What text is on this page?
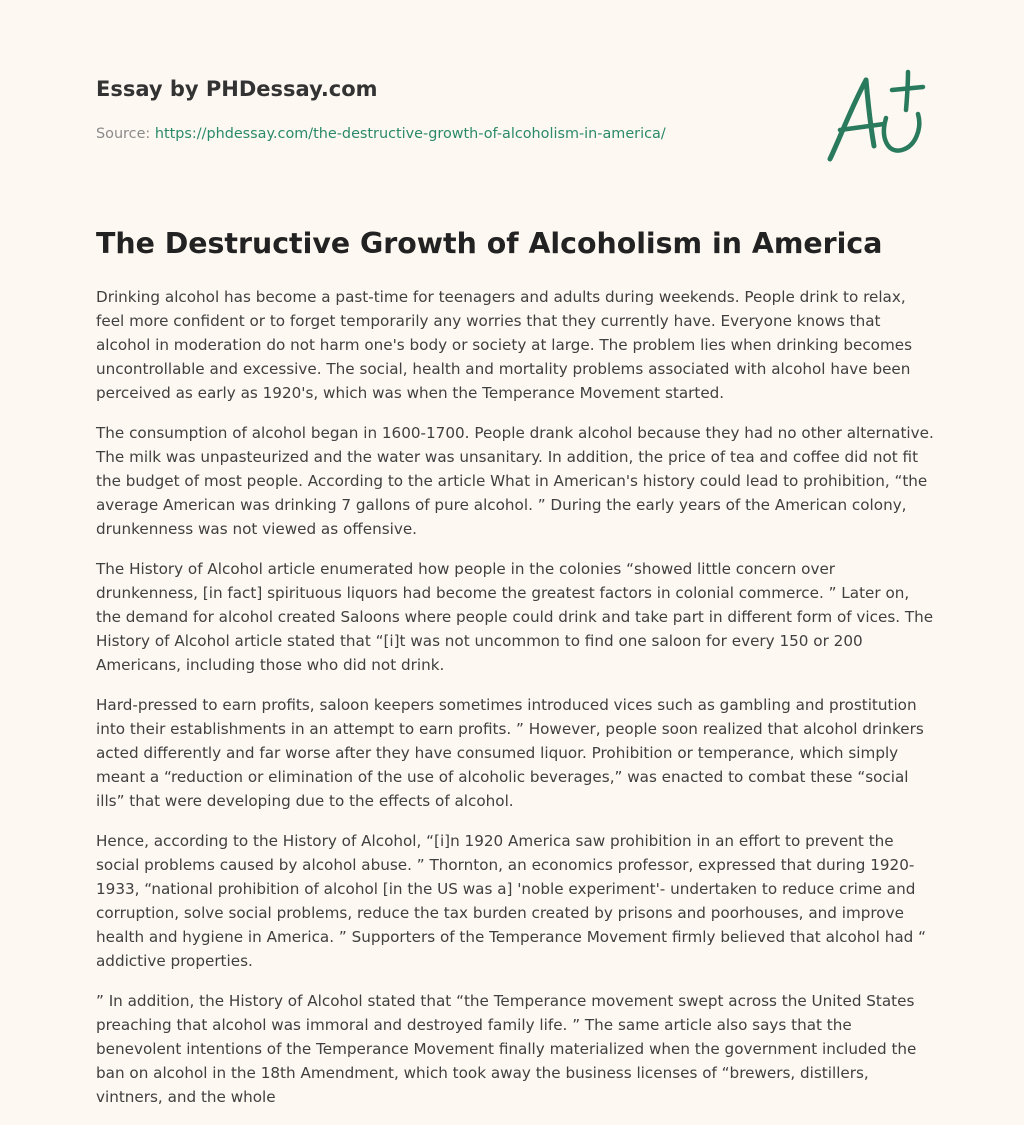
Essay by PHDessay.com
Source: https://phdessay.com/the-destructive-growth-of-alcoholism-in-america/
The Destructive Growth of Alcoholism in America

Drinking alcohol has become a past-time for teenagers and adults during weekends. People drink to relax, feel more confident or to forget temporarily any worries that they currently have. Everyone knows that alcohol in moderation do not harm one's body or society at large. The problem lies when drinking becomes uncontrollable and excessive. The social, health and mortality problems associated with alcohol have been perceived as early as 1920's, which was when the Temperance Movement started.

The consumption of alcohol began in 1600-1700. People drank alcohol because they had no other alternative. The milk was unpasteurized and the water was unsanitary. In addition, the price of tea and coffee did not fit the budget of most people. According to the article What in American's history could lead to prohibition, “the average American was drinking 7 gallons of pure alcohol. ” During the early years of the American colony, drunkenness was not viewed as offensive.

The History of Alcohol article enumerated how people in the colonies “showed little concern over drunkenness, [in fact] spirituous liquors had become the greatest factors in colonial commerce. ” Later on, the demand for alcohol created Saloons where people could drink and take part in different form of vices. The History of Alcohol article stated that “[i]t was not uncommon to find one saloon for every 150 or 200 Americans, including those who did not drink.

Hard-pressed to earn profits, saloon keepers sometimes introduced vices such as gambling and prostitution into their establishments in an attempt to earn profits. ” However, people soon realized that alcohol drinkers acted differently and far worse after they have consumed liquor. Prohibition or temperance, which simply meant a “reduction or elimination of the use of alcoholic beverages,” was enacted to combat these “social ills” that were developing due to the effects of alcohol.

Hence, according to the History of Alcohol, “[i]n 1920 America saw prohibition in an effort to prevent the social problems caused by alcohol abuse. ” Thornton, an economics professor, expressed that during 1920-1933, “national prohibition of alcohol [in the US was a] 'noble experiment'- undertaken to reduce crime and corruption, solve social problems, reduce the tax burden created by prisons and poorhouses, and improve health and hygiene in America. ” Supporters of the Temperance Movement firmly believed that alcohol had “ addictive properties.

” In addition, the History of Alcohol stated that “the Temperance movement swept across the United States preaching that alcohol was immoral and destroyed family life. ” The same article also says that the benevolent intentions of the Temperance Movement finally materialized when the government included the ban on alcohol in the 18th Amendment, which took away the business licenses of “brewers, distillers, vintners, and the whole
